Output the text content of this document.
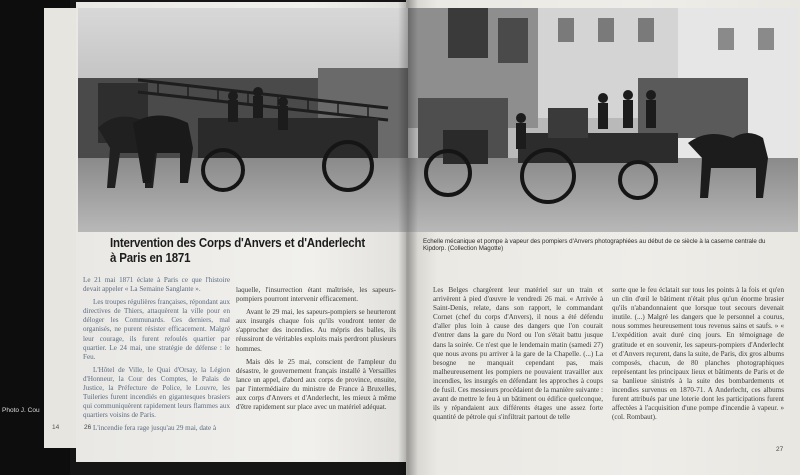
Intervention des Corps d'Anvers et d'Anderlecht
à Paris en 1871
Echelle mécanique et pompe à vapeur des pompiers d'Anvers photographiées au début de ce siècle à la caserne centrale du Kipdorp. (Collection Magotte)

Le 21 mai 1871 éclate à Paris ce que l'histoire devait appeler « La Semaine Sanglante ».

Les troupes régulières françaises, répondant aux directives de Thiers, attaquèrent la ville pour en déloger les Communards. Ces derniers, mal organisés, ne purent résister efficacement. Malgré leur courage, ils furent refoulés quartier par quartier. Le 24 mai, une stratégie de défense : le Feu.

L'Hôtel de Ville, le Quai d'Orsay, la Légion d'Honneur, la Cour des Comptes, le Palais de Justice, la Préfecture de Police, le Louvre, les Tuileries furent incendiés en gigantesques brasiers qui communiquèrent rapidement leurs flammes aux quartiers voisins de Paris.

L'incendie fera rage jusqu'au 29 mai, date à

laquelle, l'insurrection étant maîtrisée, les sapeurs-pompiers pourront intervenir efficacement.

Avant le 29 mai, les sapeurs-pompiers se heurteront aux insurgés chaque fois qu'ils voudront tenter de s'approcher des incendies. Au mépris des balles, ils réussiront de véritables exploits mais perdront plusieurs hommes.

Mais dès le 25 mai, conscient de l'ampleur du désastre, le gouvernement français installé à Versailles lance un appel, d'abord aux corps de province, ensuite, par l'intermédiaire du ministre de France à Bruxelles, aux corps d'Anvers et d'Anderlecht, les mieux à même d'être rapidement sur place avec un matériel adéquat.

Les Belges chargèrent leur matériel sur un train et arrivèrent à pied d'œuvre le vendredi 26 mai. « Arrivée à Saint-Denis, relate, dans son rapport, le commandant Cornet (chef du corps d'Anvers), il nous a été défendu d'aller plus loin à cause des dangers que l'on courait d'entrer dans la gare du Nord ou l'on s'était battu jusque dans la soirée. Ce n'est que le lendemain matin (samedi 27) que nous avons pu arriver à la gare de la Chapelle. (...) La besogne ne manquait cependant pas, mais malheureusement les pompiers ne pouvaient travailler aux incendies, les insurgés en défendant les approches à coups de fusil. Ces messieurs procédaient de la manière suivante : avant de mettre le feu à un bâtiment ou édifice quelconque, ils y répandaient aux différents étages une assez forte quantité de pétrole qui s'infiltrait partout de telle

sorte que le feu éclatait sur tous les points à la fois et qu'en un clin d'œil le bâtiment n'était plus qu'un énorme brasier qu'ils n'abandonnaient que lorsque tout secours devenait inutile. (...) Malgré les dangers que le personnel a courus, nous sommes heureusement tous revenus sains et saufs. » « L'expédition avait duré cinq jours. En témoignage de gratitude et en souvenir, les sapeurs-pompiers d'Anderlecht et d'Anvers reçurent, dans la suite, de Paris, dix gros albums composés, chacun, de 80 planches photographiques représentant les principaux lieux et bâtiments de Paris et de sa banlieue sinistrés à la suite des bombardements et incendies survenus en 1870-71. A Anderlecht, ces albums furent attribués par une loterie dont les participations furent affectées à l'acquisition d'une pompe d'incendie à vapeur. » (col. Rombaut).

Photo J. Cou
14	26
27
